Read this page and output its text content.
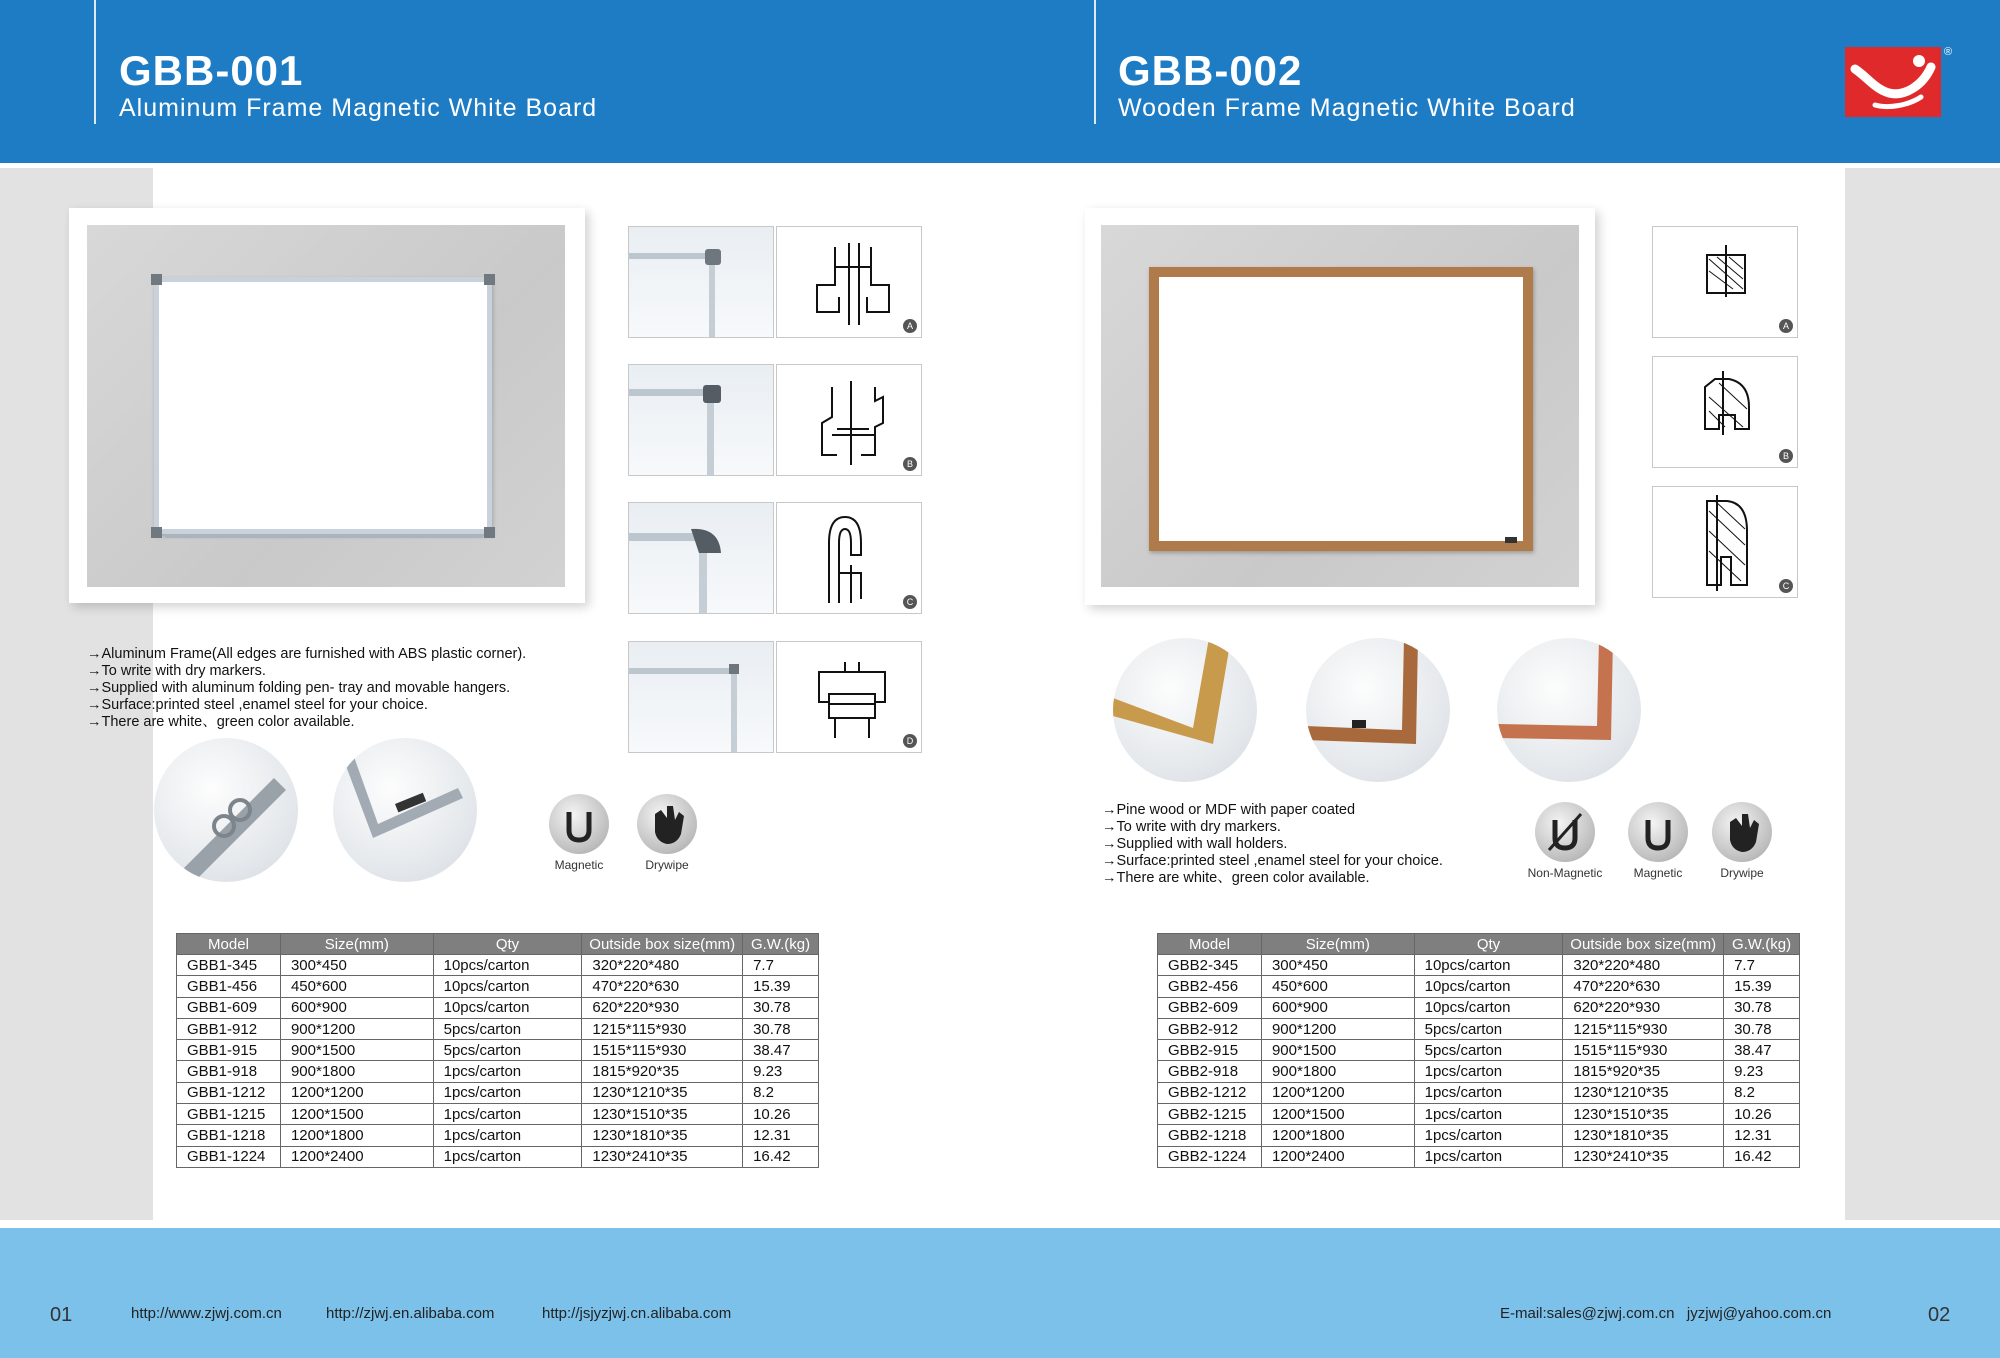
GBB-001
Aluminum Frame Magnetic White Board
GBB-002
Wooden Frame Magnetic White Board
®
A
B
C
D
→Aluminum Frame(All edges are furnished with ABS plastic corner).
→To write with dry markers.
→Supplied with aluminum folding pen- tray and movable hangers.
→Surface:printed steel ,enamel steel for your choice.
→There are white、green color available.
Magnetic	Drywipe
Model	Size(mm)	Qty	Outside box size(mm)	G.W.(kg)
GBB1-345	300*450	10pcs/carton	320*220*480	7.7
GBB1-456	450*600	10pcs/carton	470*220*630	15.39
GBB1-609	600*900	10pcs/carton	620*220*930	30.78
GBB1-912	900*1200	5pcs/carton	1215*115*930	30.78
GBB1-915	900*1500	5pcs/carton	1515*115*930	38.47
GBB1-918	900*1800	1pcs/carton	1815*920*35	9.23
GBB1-1212	1200*1200	1pcs/carton	1230*1210*35	8.2
GBB1-1215	1200*1500	1pcs/carton	1230*1510*35	10.26
GBB1-1218	1200*1800	1pcs/carton	1230*1810*35	12.31
GBB1-1224	1200*2400	1pcs/carton	1230*2410*35	16.42
A
B
C
→Pine wood or MDF with paper coated
→To write with dry markers.
→Supplied with wall holders.
→Surface:printed steel ,enamel steel for your choice.
→There are white、green color available.	Non-Magnetic	Magnetic	Drywipe
Model	Size(mm)	Qty	Outside box size(mm)	G.W.(kg)
GBB2-345	300*450	10pcs/carton	320*220*480	7.7
GBB2-456	450*600	10pcs/carton	470*220*630	15.39
GBB2-609	600*900	10pcs/carton	620*220*930	30.78
GBB2-912	900*1200	5pcs/carton	1215*115*930	30.78
GBB2-915	900*1500	5pcs/carton	1515*115*930	38.47
GBB2-918	900*1800	1pcs/carton	1815*920*35	9.23
GBB2-1212	1200*1200	1pcs/carton	1230*1210*35	8.2
GBB2-1215	1200*1500	1pcs/carton	1230*1510*35	10.26
GBB2-1218	1200*1800	1pcs/carton	1230*1810*35	12.31
GBB2-1224	1200*2400	1pcs/carton	1230*2410*35	16.42
01	http://www.zjwj.com.cn	http://zjwj.en.alibaba.com	http://jsjyzjwj.cn.alibaba.com	E-mail:sales@zjwj.com.cn   jyzjwj@yahoo.com.cn	02
